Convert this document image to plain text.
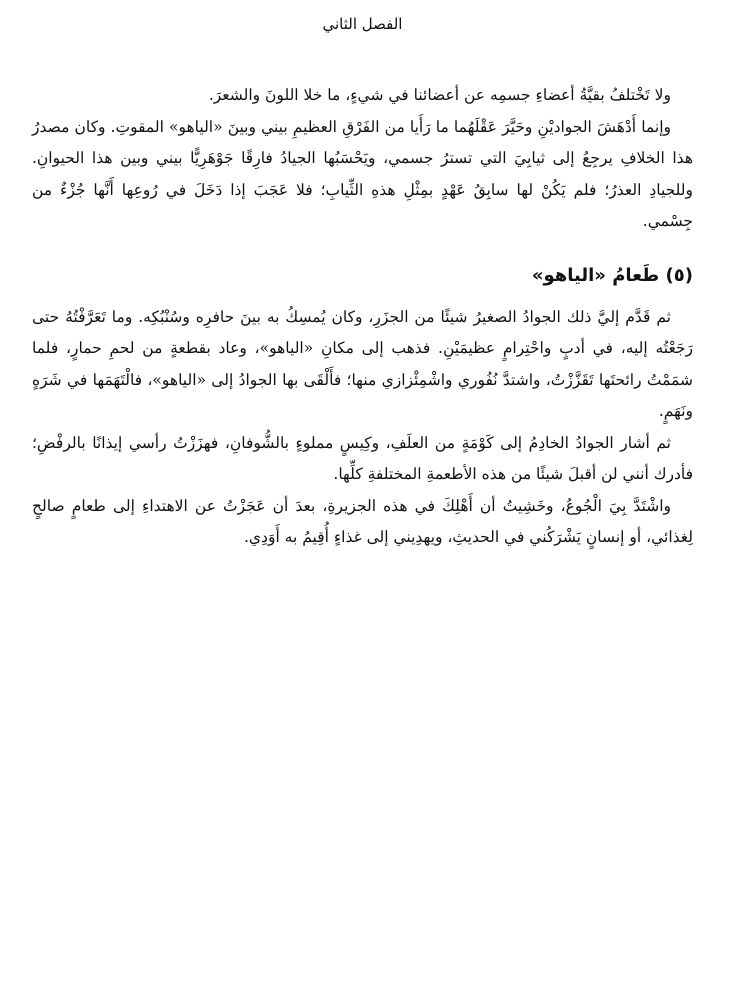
الفصل الثاني

ولا تَخْتلفُ بقيَّةُ أعضاءِ جسمِه عن أعضائنا في شيءٍ، ما خلا اللونَ والشعرَ.

وإنما أَدْهَشَ الجواديْنِ وحَيَّرَ عَقْلَهُما ما رَأَيا من الفَرْقِ العظيمِ بيني وبينَ «الياهو» المقوتِ. وكان مصدرُ هذا الخلافِ يرجِعُ إلى ثيابِيَ التي تسترُ جسمي، ويَحْسَبُها الجيادُ فارِقًا جَوْهَرِيًّا بيني وبين هذا الحيوانِ. وللجيادِ العذرُ؛ فلم يَكُنْ لها سابِقُ عَهْدٍ بمِثْلِ هذهِ الثِّيابِ؛ فلا عَجَبَ إذا دَخَلَ في رُوعِها أَنَّها جُزْءٌ من جِسْمي.

(٥) طَعامُ «الياهو»

ثم قَدَّم إليَّ ذلك الجوادُ الصغيرُ شيئًا من الجزَرِ، وكان يُمسِكُ به بينَ حافرِه وسُنْبُكِه. وما تَعَرَّفْتُهُ حتى رَجَعْتُه إليه، في أدبٍ واحْتِرامٍ عظيمَيْنِ. فذهب إلى مكانِ «الياهو»، وعاد بقطعةٍ من لحمِ حمارٍ، فلما شمَمْتُ رائحتَها تَقَزَّزْتُ، واشتدَّ نُفُوري واشْمِئْزازي منها؛ فأَلْقَى بها الجوادُ إلى «الياهو»، فالْتَهَمَها في شَرَهٍ ونَهَمٍ.

ثم أشار الجوادُ الخادِمُ إلى كَوْمَةٍ من العلَفِ، وكِيسٍ مملوءٍ بالشُّوفانِ، فهزَزْتُ رأسي إيذانًا بالرفْضِ؛ فأدرك أنني لن أقبلَ شيئًا من هذه الأطعمةِ المختلفةِ كلِّها.

واشْتَدَّ بِيَ الْجُوعُ، وخَشِيتُ أن أَهْلِكَ في هذه الجزيرةِ، بعدَ أن عَجَزْتُ عن الاهتداءِ إلى طعامٍ صالحٍ لِغذائي، أو إنسانٍ يَشْرَكُني في الحديثِ، ويهدِيني إلى غذاءٍ أُقِيمُ به أَوَدِي.
